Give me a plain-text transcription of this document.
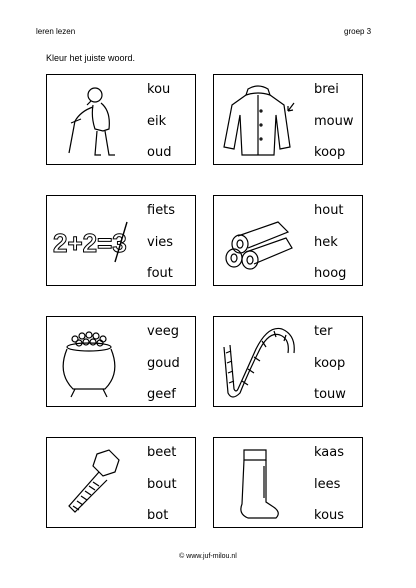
leren lezen	groep 3
Kleur het juiste woord.
kou
eik
oud
brei
mouw
koop
2+2=3
fiets
vies
fout
hout
hek
hoog
veeg
goud
geef
ter
koop
touw
beet
bout
bot
kaas
lees
kous
© www.juf-milou.nl
